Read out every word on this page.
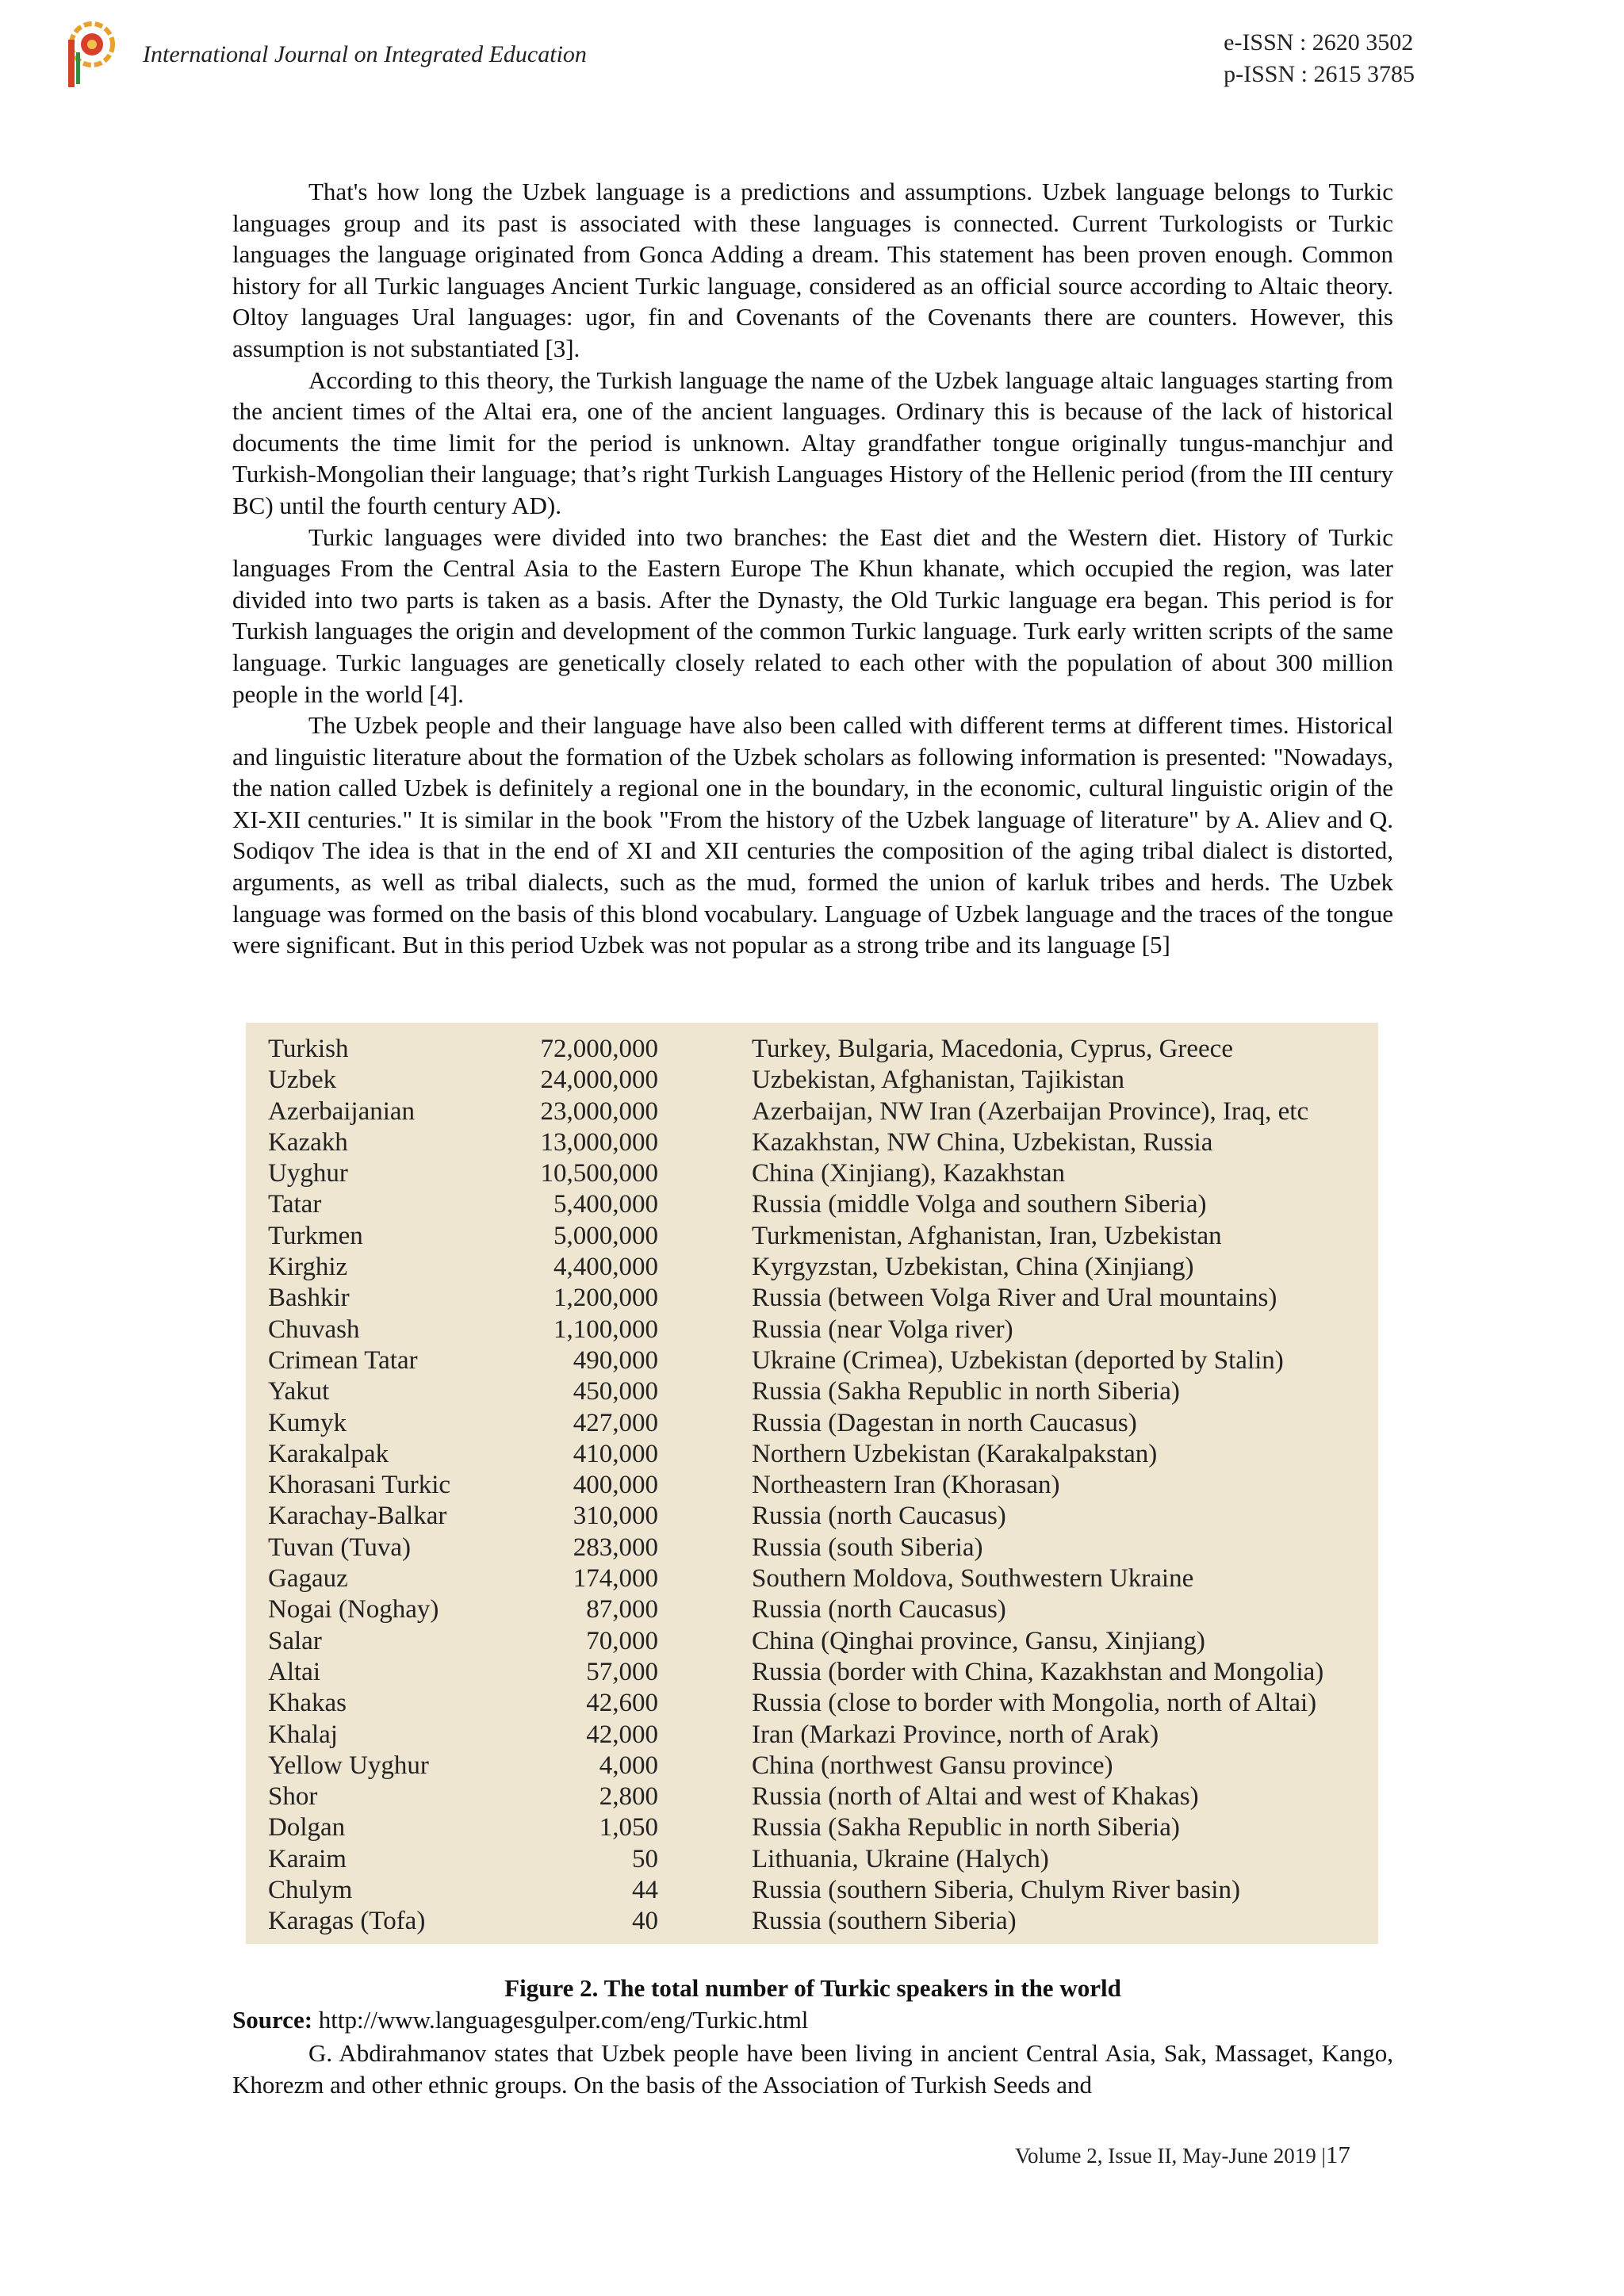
International Journal on Integrated Education	e-ISSN : 2620 3502
p-ISSN : 2615 3785

That's how long the Uzbek language is a predictions and assumptions. Uzbek language belongs to Turkic languages group and its past is associated with these languages is connected. Current Turkologists or Turkic languages the language originated from Gonca Adding a dream. This statement has been proven enough. Common history for all Turkic languages Ancient Turkic language, considered as an official source according to Altaic theory. Oltoy languages Ural languages: ugor, fin and Covenants of the Covenants there are counters. However, this assumption is not substantiated [3].

According to this theory, the Turkish language the name of the Uzbek language altaic languages starting from the ancient times of the Altai era, one of the ancient languages. Ordinary this is because of the lack of historical documents the time limit for the period is unknown. Altay grandfather tongue originally tungus-manchjur and Turkish-Mongolian their language; that’s right Turkish Languages History of the Hellenic period (from the III century BC) until the fourth century AD).

Turkic languages were divided into two branches: the East diet and the Western diet. History of Turkic languages From the Central Asia to the Eastern Europe The Khun khanate, which occupied the region, was later divided into two parts is taken as a basis. After the Dynasty, the Old Turkic language era began. This period is for Turkish languages the origin and development of the common Turkic language. Turk early written scripts of the same language. Turkic languages are genetically closely related to each other with the population of about 300 million people in the world [4].

The Uzbek people and their language have also been called with different terms at different times. Historical and linguistic literature about the formation of the Uzbek scholars as following information is presented: "Nowadays, the nation called Uzbek is definitely a regional one in the boundary, in the economic, cultural linguistic origin of the XI-XII centuries." It is similar in the book "From the history of the Uzbek language of literature" by A. Aliev and Q. Sodiqov The idea is that in the end of XI and XII centuries the composition of the aging tribal dialect is distorted, arguments, as well as tribal dialects, such as the mud, formed the union of karluk tribes and herds. The Uzbek language was formed on the basis of this blond vocabulary. Language of Uzbek language and the traces of the tongue were significant. But in this period Uzbek was not popular as a strong tribe and its language [5]

Turkish	72,000,000		Turkey, Bulgaria, Macedonia, Cyprus, Greece
Uzbek	24,000,000		Uzbekistan, Afghanistan, Tajikistan
Azerbaijanian	23,000,000		Azerbaijan, NW Iran (Azerbaijan Province), Iraq, etc
Kazakh	13,000,000		Kazakhstan, NW China, Uzbekistan, Russia
Uyghur	10,500,000		China (Xinjiang), Kazakhstan
Tatar	5,400,000		Russia (middle Volga and southern Siberia)
Turkmen	5,000,000		Turkmenistan, Afghanistan, Iran, Uzbekistan
Kirghiz	4,400,000		Kyrgyzstan, Uzbekistan, China (Xinjiang)
Bashkir	1,200,000		Russia (between Volga River and Ural mountains)
Chuvash	1,100,000		Russia (near Volga river)
Crimean Tatar	490,000		Ukraine (Crimea), Uzbekistan (deported by Stalin)
Yakut	450,000		Russia (Sakha Republic in north Siberia)
Kumyk	427,000		Russia (Dagestan in north Caucasus)
Karakalpak	410,000		Northern Uzbekistan (Karakalpakstan)
Khorasani Turkic	400,000		Northeastern Iran (Khorasan)
Karachay-Balkar	310,000		Russia (north Caucasus)
Tuvan (Tuva)	283,000		Russia (south Siberia)
Gagauz	174,000		Southern Moldova, Southwestern Ukraine
Nogai (Noghay)	87,000		Russia (north Caucasus)
Salar	70,000		China (Qinghai province, Gansu, Xinjiang)
Altai	57,000		Russia (border with China, Kazakhstan and Mongolia)
Khakas	42,600		Russia (close to border with Mongolia, north of Altai)
Khalaj	42,000		Iran (Markazi Province, north of Arak)
Yellow Uyghur	4,000		China (northwest Gansu province)
Shor	2,800		Russia (north of Altai and west of Khakas)
Dolgan	1,050		Russia (Sakha Republic in north Siberia)
Karaim	50		Lithuania, Ukraine (Halych)
Chulym	44		Russia (southern Siberia, Chulym River basin)
Karagas (Tofa)	40		Russia (southern Siberia)
Figure 2. The total number of Turkic speakers in the world
Source: http://www.languagesgulper.com/eng/Turkic.html

G. Abdirahmanov states that Uzbek people have been living in ancient Central Asia, Sak, Massaget, Kango, Khorezm and other ethnic groups. On the basis of the Association of Turkish Seeds and

Volume 2, Issue II, May-June 2019 |17
